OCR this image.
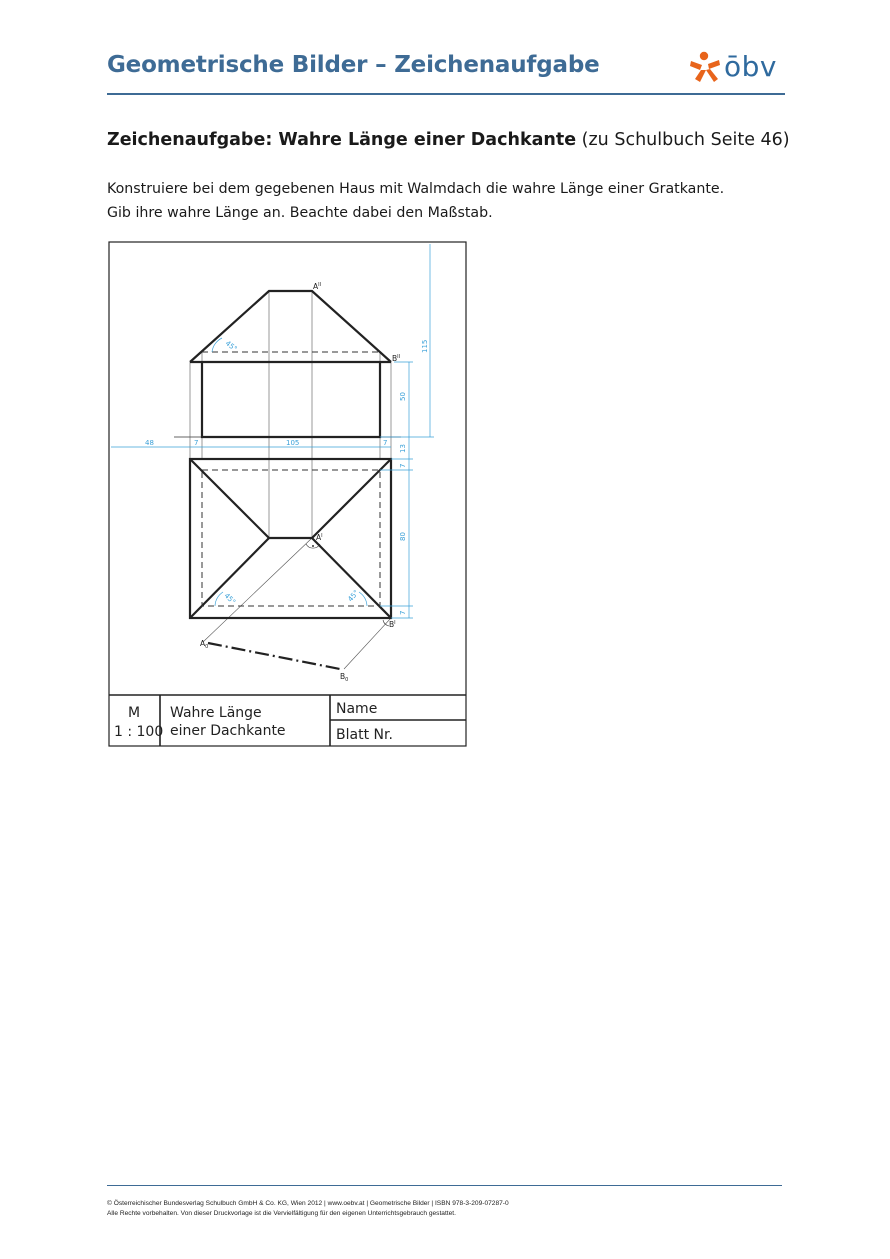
Geometrische Bilder – Zeichenaufgabe	ōbv
Zeichenaufgabe: Wahre Länge einer Dachkante (zu Schulbuch Seite 46)
Konstruiere bei dem gegebenen Haus mit Walmdach die wahre Länge einer Gratkante.
Gib ihre wahre Länge an. Beachte dabei den Maßstab.
48	7	105	7
115
50
13
7
80
7
45°
45°	45°
$A^{II}$
$B^{II}$
$A^I$
$B^I$
$A_0$
$B_0$
M
1 : 100
Wahre Länge
einer Dachkante
Name
Blatt Nr.
© Österreichischer Bundesverlag Schulbuch GmbH & Co. KG, Wien 2012 | www.oebv.at | Geometrische Bilder | ISBN 978-3-209-07287-0
Alle Rechte vorbehalten. Von dieser Druckvorlage ist die Vervielfältigung für den eigenen Unterrichtsgebrauch gestattet.
